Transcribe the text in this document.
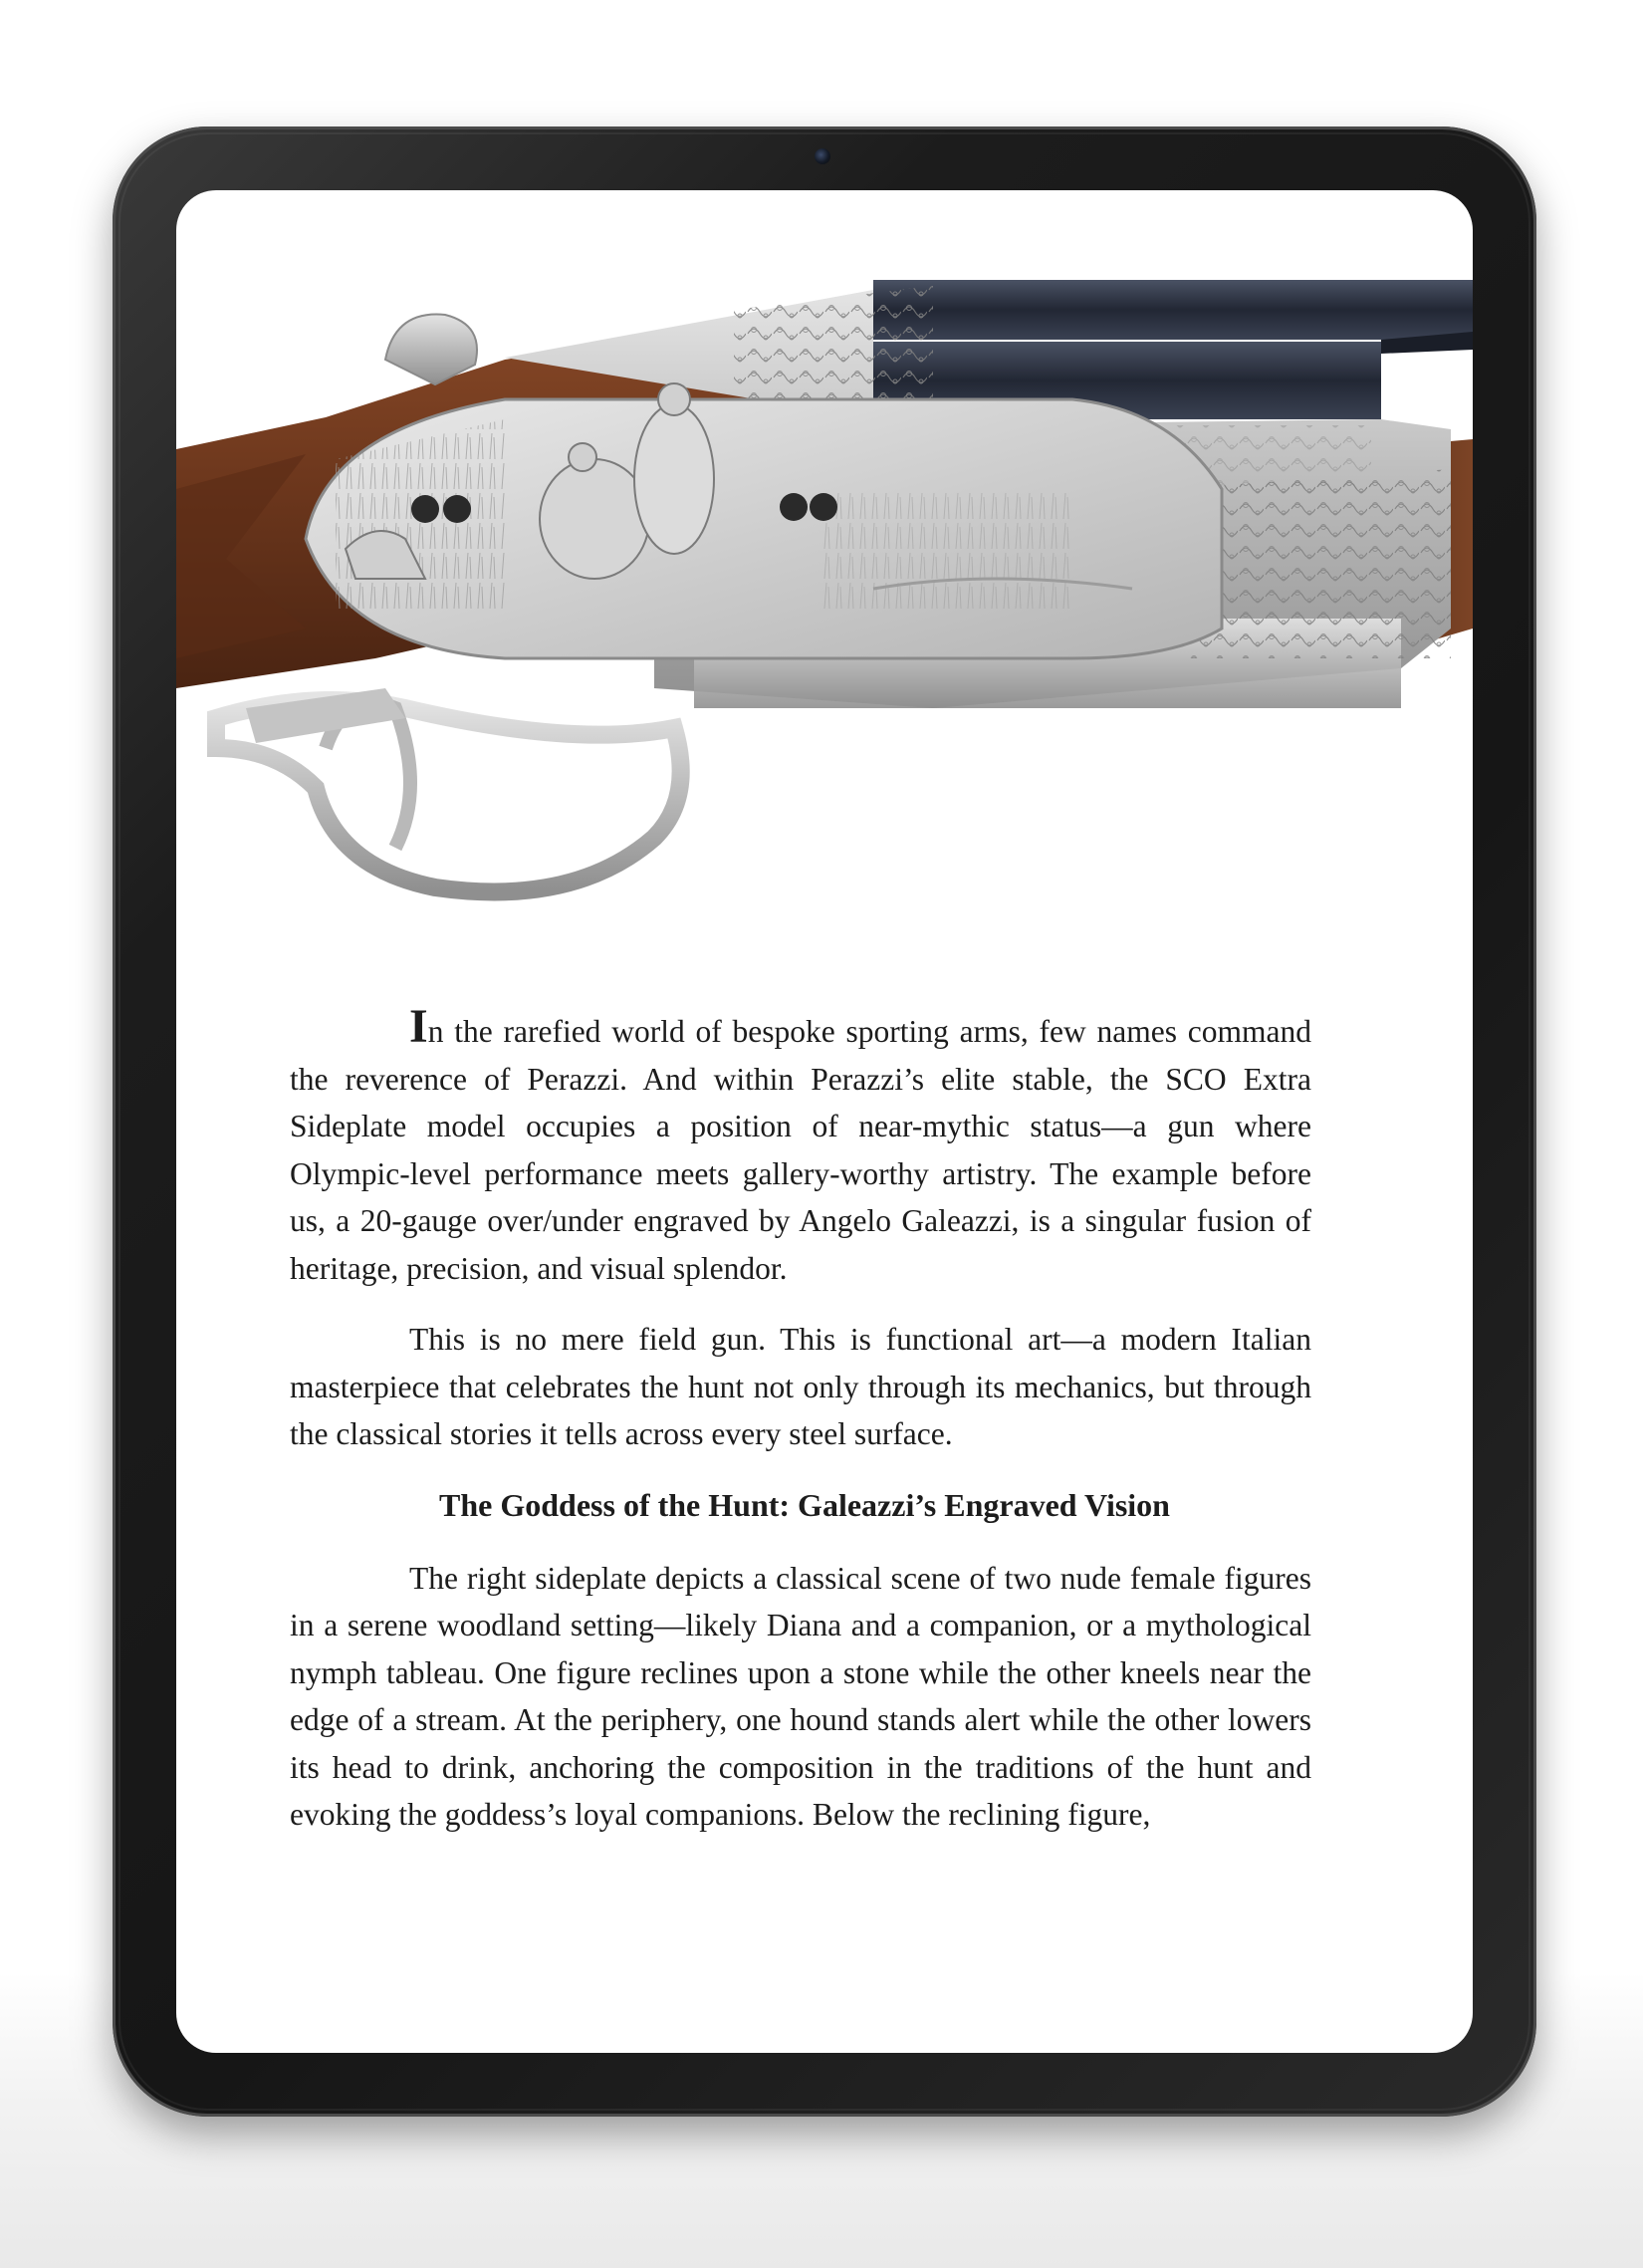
In the rarefied world of bespoke sporting arms, few names command the reverence of Perazzi. And within Perazzi’s elite stable, the SCO Extra Sideplate model occupies a position of near-mythic status—a gun where Olympic-level performance meets gallery-worthy artistry. The example before us, a 20-gauge over/under engraved by Angelo Galeazzi, is a singular fusion of heritage, precision, and visual splendor.

This is no mere field gun. This is functional art—a modern Italian masterpiece that celebrates the hunt not only through its mechanics, but through the classical stories it tells across every steel surface.

The Goddess of the Hunt: Galeazzi’s Engraved Vision

The right sideplate depicts a classical scene of two nude female figures in a serene woodland setting—likely Diana and a companion, or a mythological nymph tableau. One figure reclines upon a stone while the other kneels near the edge of a stream. At the periphery, one hound stands alert while the other lowers its head to drink, anchoring the composition in the traditions of the hunt and evoking the goddess’s loyal companions. Below the reclining figure,
